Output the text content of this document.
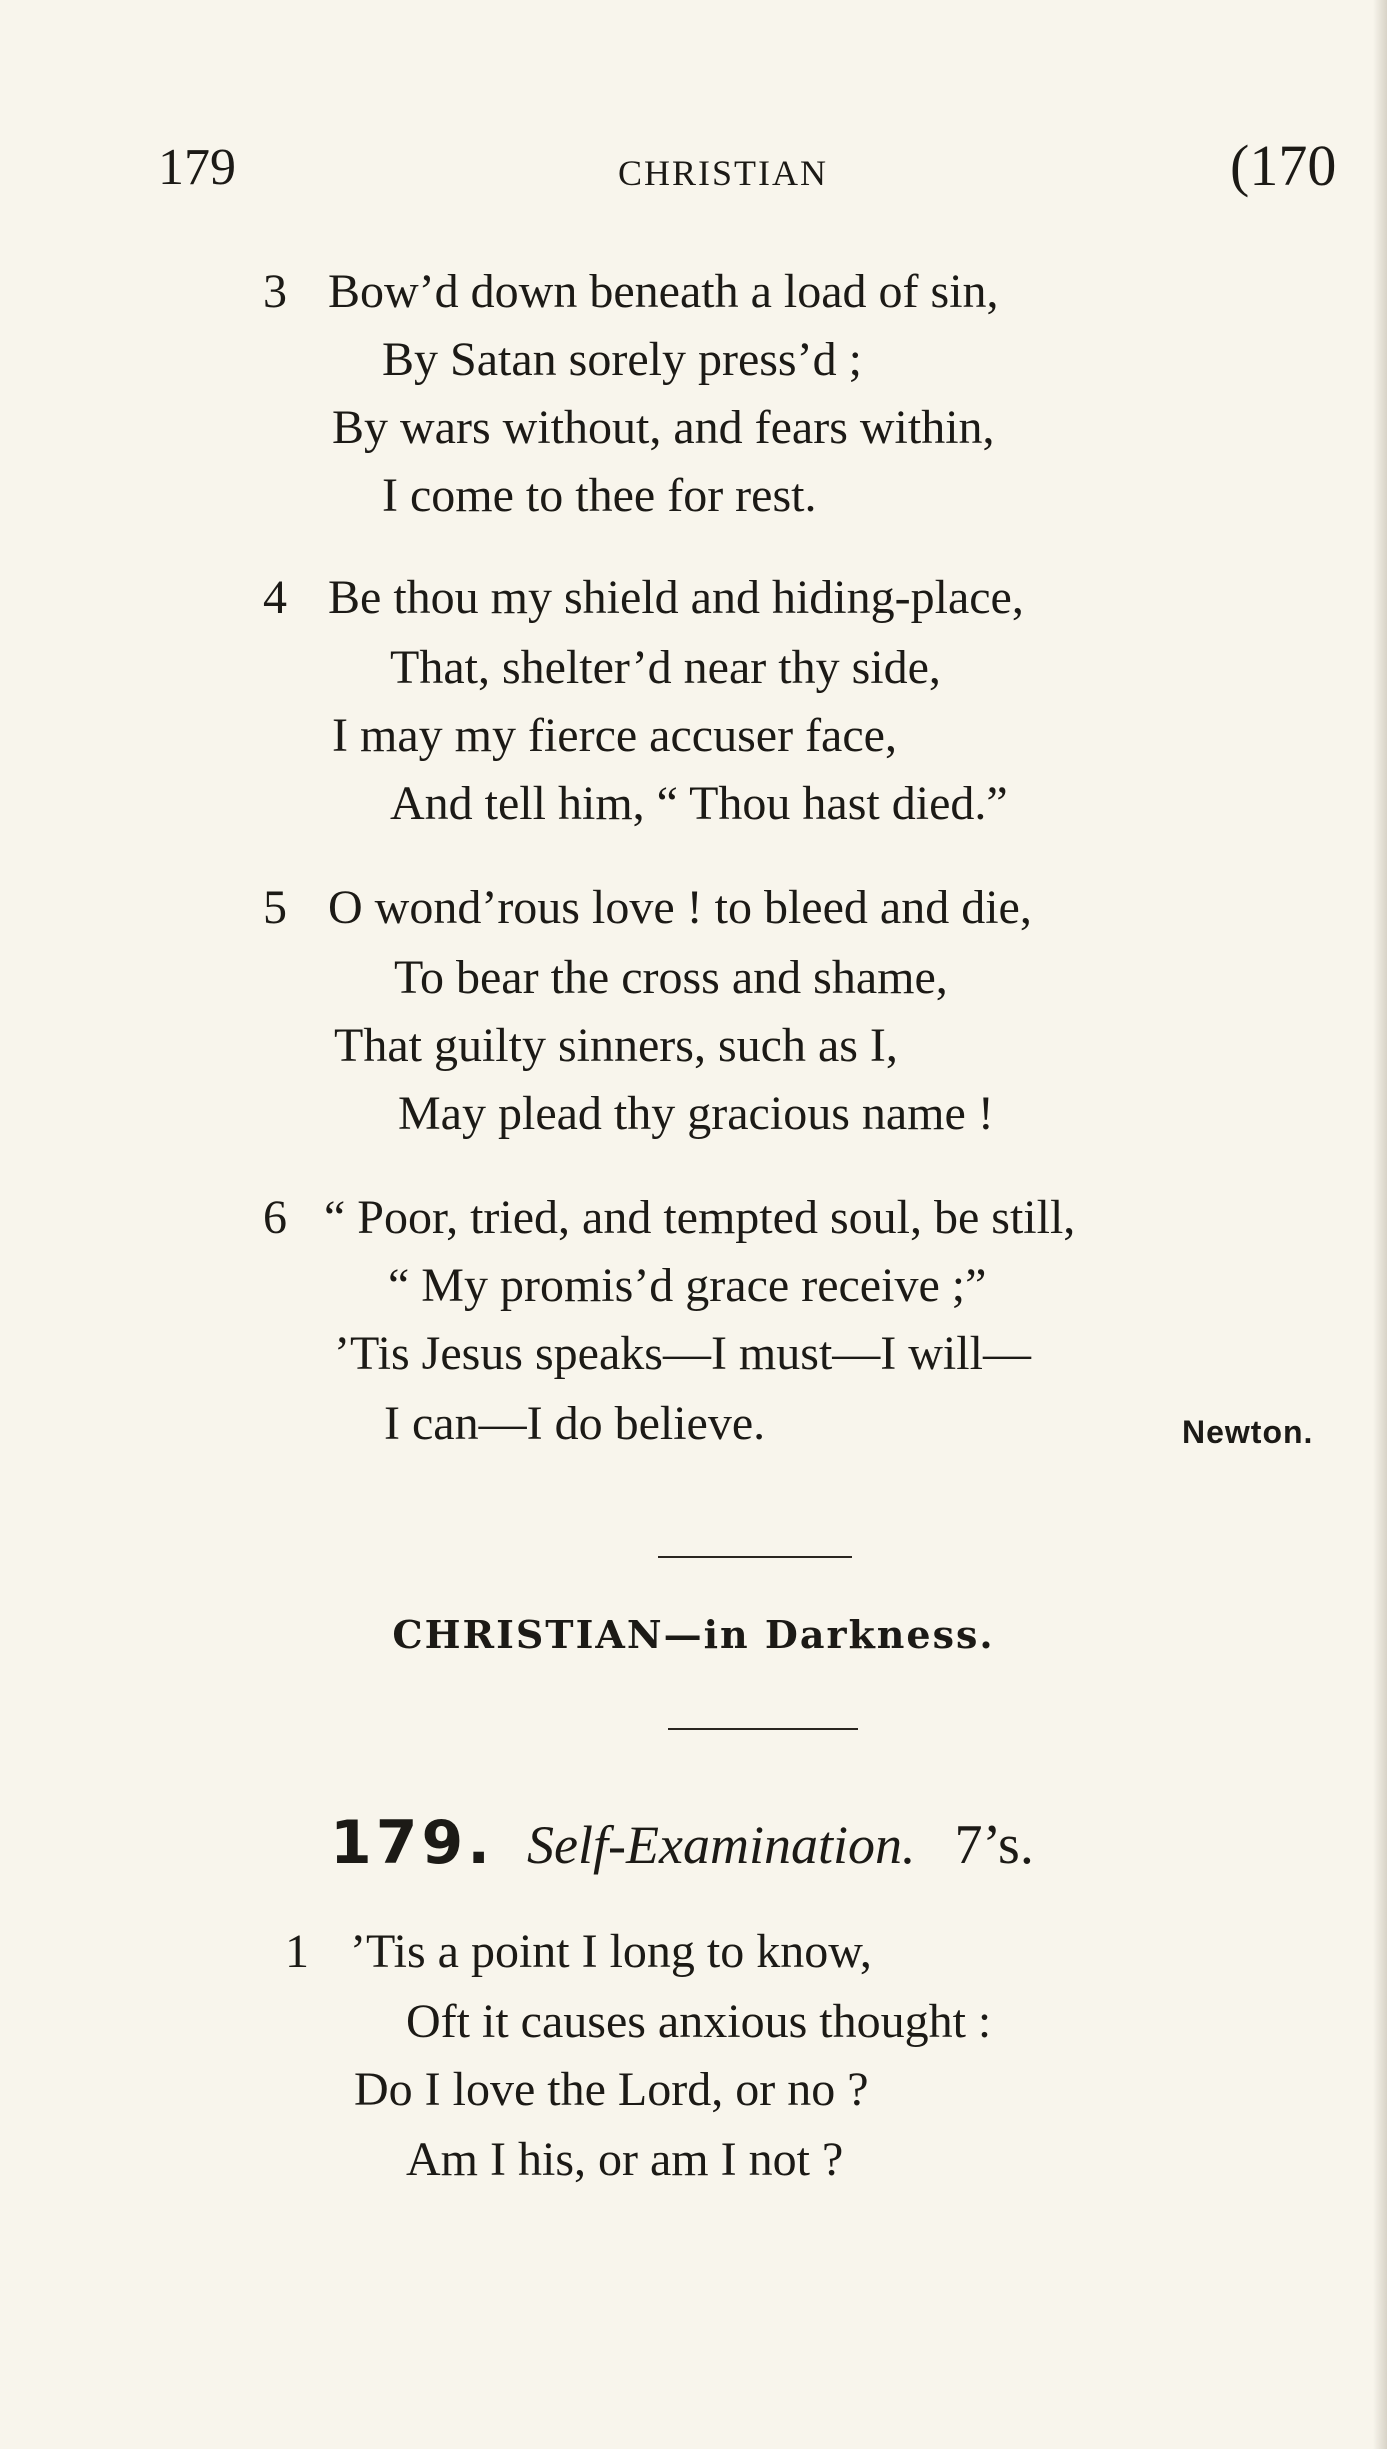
179	CHRISTIAN	(170
3 Bow’d down beneath a load of sin,
By Satan sorely press’d ;
By wars without, and fears within,
I come to thee for rest.
4 Be thou my shield and hiding-place,
That, shelter’d near thy side,
I may my fierce accuser face,
And tell him, “ Thou hast died.”
5 O wond’rous love ! to bleed and die,
To bear the cross and shame,
That guilty sinners, such as I,
May plead thy gracious name !
6 “ Poor, tried, and tempted soul, be still,
“ My promis’d grace receive ;”
’Tis Jesus speaks—I must—I will—
I can—I do believe.	Newton.
CHRISTIAN—in Darkness.
179. Self-Examination. 7’s.
1 ’Tis a point I long to know,
Oft it causes anxious thought :
Do I love the Lord, or no ?
Am I his, or am I not ?
